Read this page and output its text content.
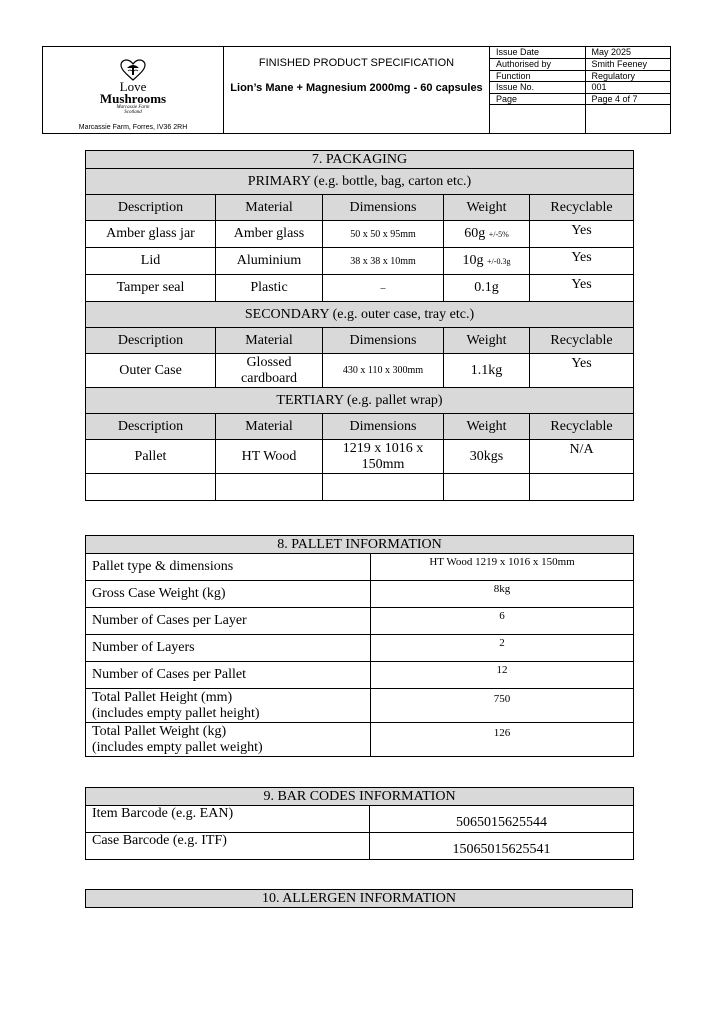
Love
Mushrooms
Marcassie Farm
Scotland
Marcassie Farm, Forres, IV36 2RH

FINISHED PRODUCT SPECIFICATION
Lion’s Mane + Magnesium 2000mg - 60 capsules

Issue Date	May 2025
Authorised by	Smith Feeney
Function	Regulatory
Issue No.	001
Page	Page 4 of 7

7. PACKAGING				
PRIMARY (e.g. bottle, bag, carton etc.)				
Description	Material	Dimensions	Weight	Recyclable
Amber glass jar	Amber glass	50 x 50 x 95mm	60g +/-5%	Yes
Lid	Aluminium	38 x 38 x 10mm	10g +/-0.3g	Yes
Tamper seal	Plastic	–	0.1g	Yes
SECONDARY (e.g. outer case, tray etc.)				
Description	Material	Dimensions	Weight	Recyclable
Outer Case	Glossed cardboard	430 x 110 x 300mm	1.1kg	Yes
TERTIARY (e.g. pallet wrap)				
Description	Material	Dimensions	Weight	Recyclable
Pallet	HT Wood	1219 x 1016 x 150mm	30kgs	N/A

8. PALLET INFORMATION	
Pallet type & dimensions	HT Wood 1219 x 1016 x 150mm
Gross Case Weight (kg)	8kg
Number of Cases per Layer	6
Number of Layers	2
Number of Cases per Pallet	12

Total Pallet Height (mm)
(includes empty pallet height)	750

Total Pallet Weight (kg)
(includes empty pallet weight)	126
9. BAR CODES INFORMATION	
Item Barcode (e.g. EAN)	5065015625544
Case Barcode (e.g. ITF)	15065015625541
10. ALLERGEN INFORMATION
